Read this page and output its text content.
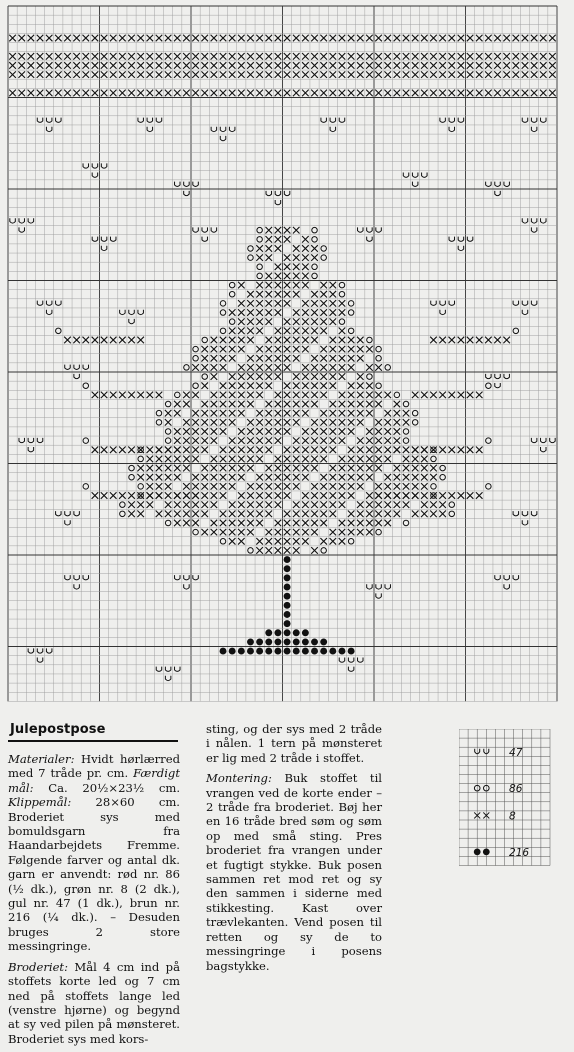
Julepostpose

Materialer: Hvidt hørlærred med 7 tråde pr. cm. Færdigt mål: Ca. 20½×23½ cm. Klippemål: 28×60 cm. Broderiet sys med bomuldsgarn fra Haandarbejdets Fremme. Følgende farver og antal dk. garn er anvendt: rød nr. 86 (½ dk.), grøn nr. 8 (2 dk.), gul nr. 47 (1 dk.), brun nr. 216 (¼ dk.). – Desuden bruges 2 store messingringe.

Broderiet: Mål 4 cm ind på stoffets korte led og 7 cm ned på stoffets lange led (venstre hjørne) og begynd at sy ved pilen på mønsteret. Broderiet sys med kors-

sting, og der sys med 2 tråde i nålen. 1 tern på mønsteret er lig med 2 tråde i stoffet.

Montering: Buk stoffet til vrangen ved de korte ender – 2 tråde fra broderiet. Bøj her en 16 tråde bred søm og søm op med små sting. Pres broderiet fra vrangen under et fugtigt stykke. Buk posen sammen ret mod ret og sy den sammen i siderne med stikkesting. Kast over trævlekanten. Vend posen til retten og sy de to messingringe i posens bagstykke.

47
86
8
216
